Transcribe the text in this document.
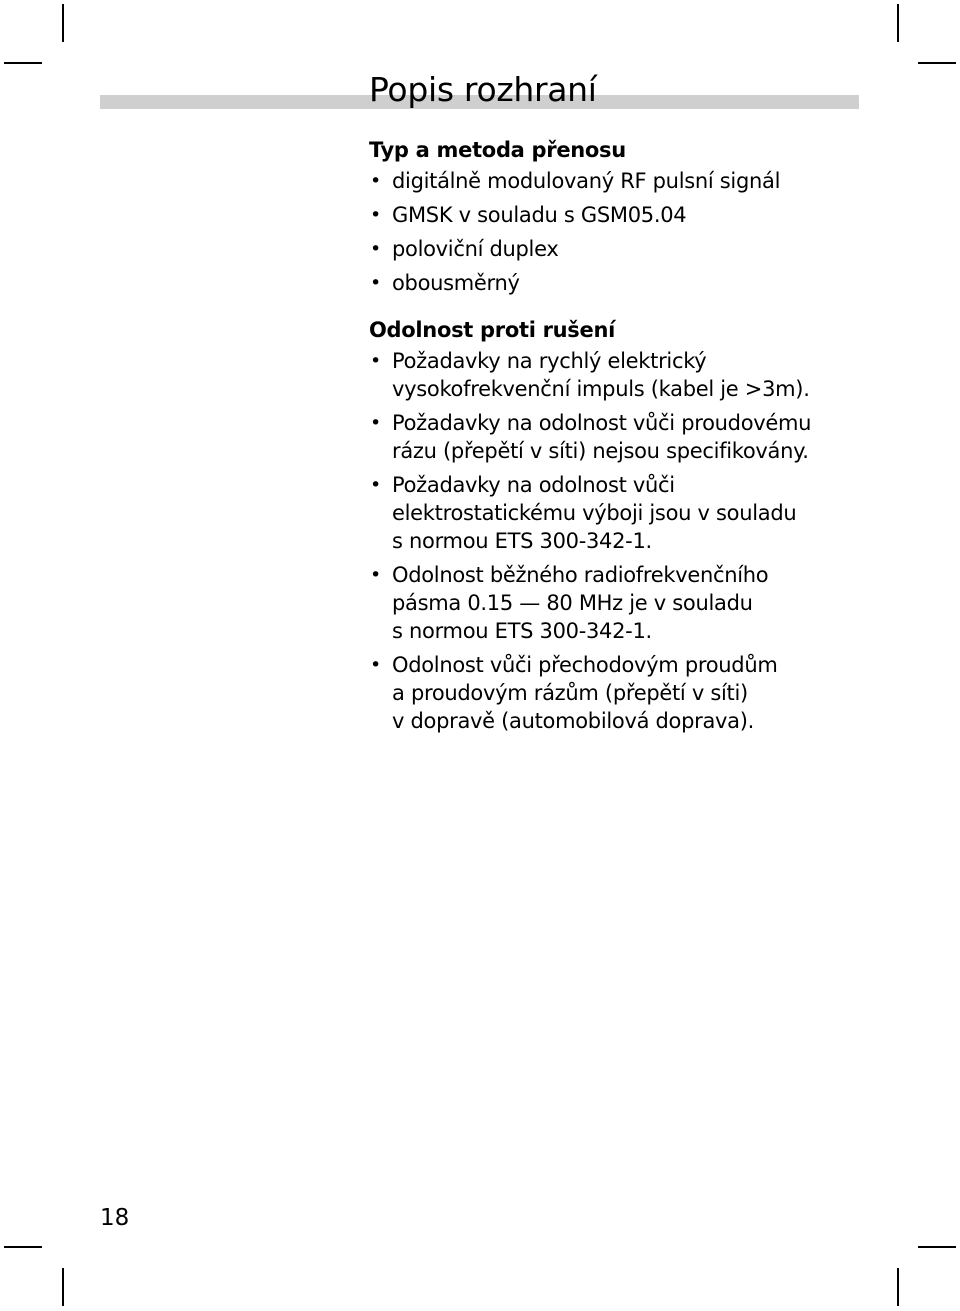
Popis rozhraní
Typ a metoda přenosu
• digitálně modulovaný RF pulsní signál
• GMSK v souladu s GSM05.04
• poloviční duplex
• obousměrný
Odolnost proti rušení
• Požadavky na rychlý elektrický
vysokofrekvenční impuls (kabel je >3m).
• Požadavky na odolnost vůči proudovému
rázu (přepětí v síti) nejsou specifikovány.
• Požadavky na odolnost vůči
elektrostatickému výboji jsou v souladu
s normou ETS 300-342-1.
• Odolnost běžného radiofrekvenčního
pásma 0.15 — 80 MHz je v souladu
s normou ETS 300-342-1.
• Odolnost vůči přechodovým proudům
a proudovým rázům (přepětí v síti)
v dopravě (automobilová doprava).
18
